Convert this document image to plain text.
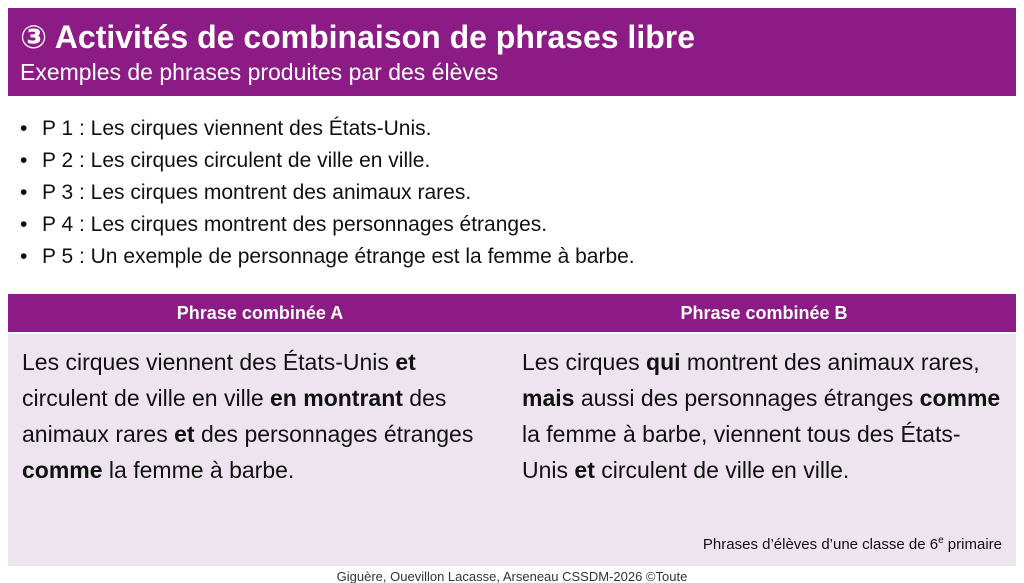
③ Activités de combinaison de phrases libre
Exemples de phrases produites par des élèves
• P 1 : Les cirques viennent des États-Unis.
• P 2 : Les cirques circulent de ville en ville.
• P 3 : Les cirques montrent des animaux rares.
• P 4 : Les cirques montrent des personnages étranges.
• P 5 : Un exemple de personnage étrange est la femme à barbe.
Phrase combinée A	Phrase combinée B
Les cirques viennent des États-Unis et circulent de ville en ville en montrant des animaux rares et des personnages étranges comme la femme à barbe.
Les cirques qui montrent des animaux rares, mais aussi des personnages étranges comme la femme à barbe, viennent tous des États-Unis et circulent de ville en ville.
Phrases d’élèves d’une classe de 6e primaire
Giguère, Ouevillon Lacasse, Arseneau CSSDM-2026 ©Toute
